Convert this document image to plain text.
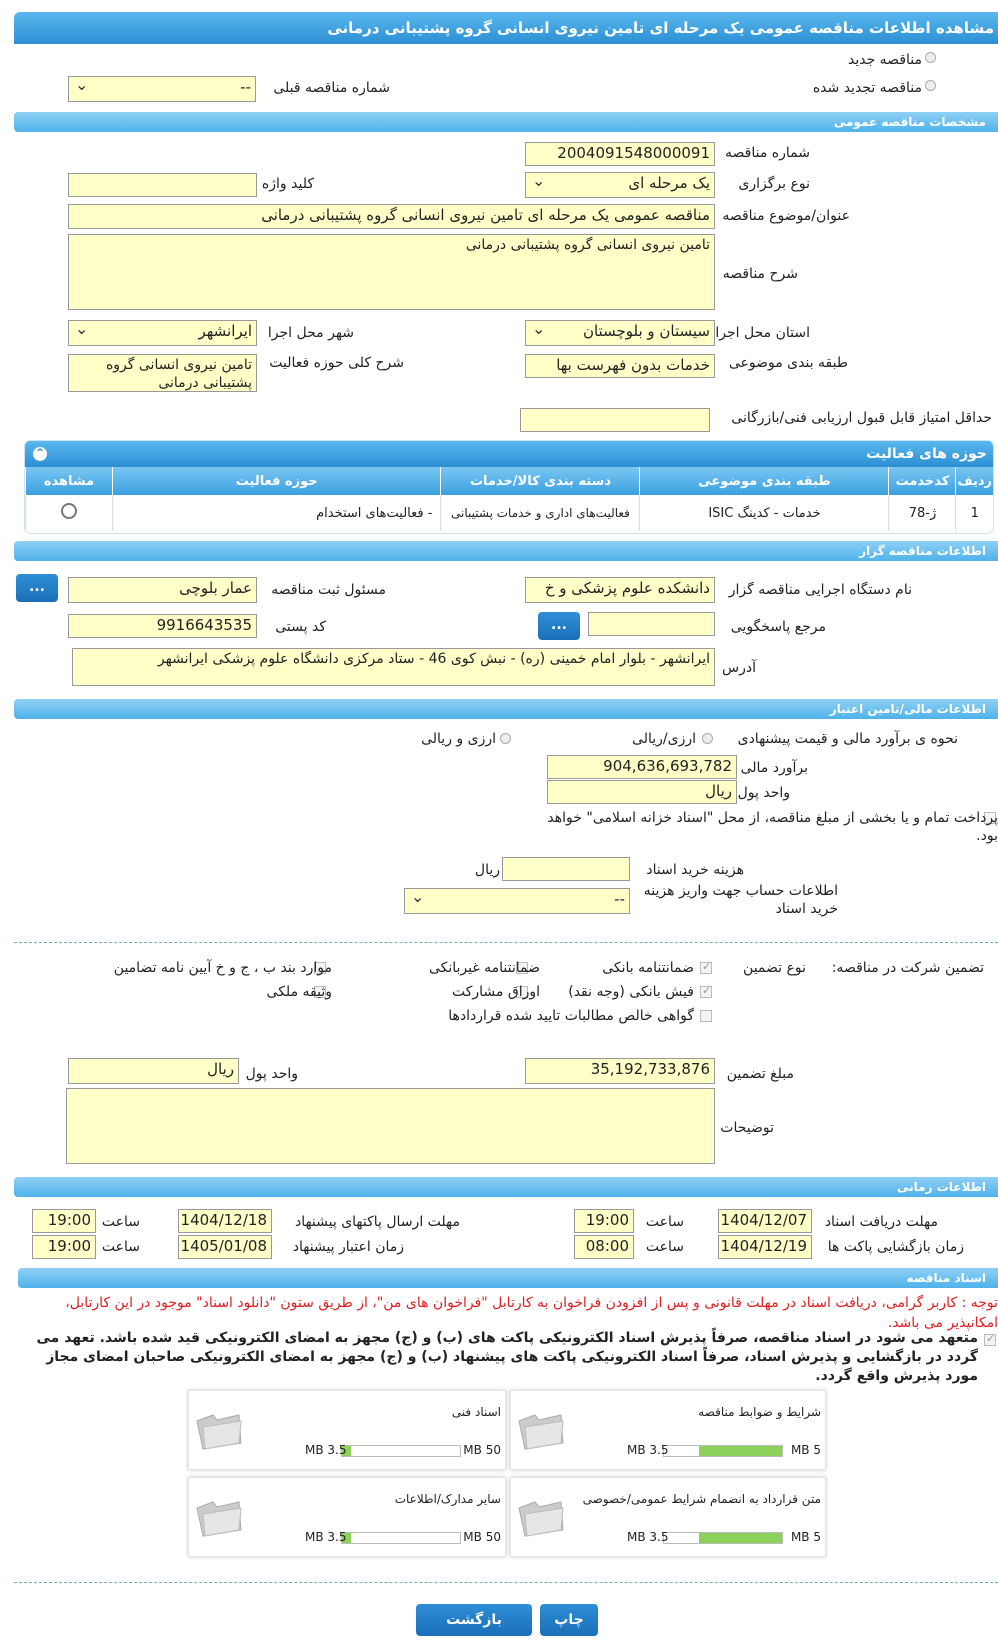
مشاهده اطلاعات مناقصه عمومی یک مرحله ای تامین نیروی انسانی گروه پشتیبانی درمانی
مناقصه جدید
مناقصه تجدید شده
شماره مناقصه قبلی
-- ⌄
مشخصات مناقصه عمومی
شماره مناقصه
2004091548000091
نوع برگزاری
یک مرحله ای ⌄
کلید واژه
عنوان/موضوع مناقصه
مناقصه عمومی یک مرحله ای تامین نیروی انسانی گروه پشتیبانی درمانی
شرح مناقصه
تامین نیروی انسانی گروه پشتیبانی درمانی
استان محل اجرا
سیستان و بلوچستان ⌄
شهر محل اجرا
ایرانشهر ⌄
طبقه بندی موضوعی
خدمات بدون فهرست بها
شرح کلی حوزه فعالیت
تامین نیروی انسانی گروه پشتیبانی درمانی
حداقل امتیاز قابل قبول ارزیابی فنی/بازرگانی
حوزه های فعالیت
⌃
ردیف	کدخدمت	طبقه بندی موضوعی	دسته بندی کالا/خدمات	حوزه فعالیت	مشاهده
1	ژ-78	خدمات - کدینگ ISIC	فعالیت‌های اداری و خدمات پشتیبانی	- فعالیت‌های استخدام	
اطلاعات مناقصه گزار
نام دستگاه اجرایی مناقصه گزار
دانشکده علوم پزشکی و خ
مسئول ثبت مناقصه
عمار بلوچی
...
مرجع پاسخگویی
...
کد پستی
9916643535
آدرس
ایرانشهر - بلوار امام خمینی (ره) - نبش کوی 46 - ستاد مرکزی دانشگاه علوم پزشکی ایرانشهر
اطلاعات مالی/تامین اعتبار
نحوه ی برآورد مالی و قیمت پیشنهادی
ارزی/ریالی
ارزی و ریالی
برآورد مالی
904,636,693,782
واحد پول
ریال
پرداخت تمام و یا بخشی از مبلغ مناقصه، از محل "اسناد خزانه اسلامی" خواهد بود.
هزینه خرید اسناد
ریال
اطلاعات حساب جهت واریز هزینه خرید اسناد
-- ⌄
تضمین شرکت در مناقصه:
نوع تضمین
✓
ضمانتنامه بانکی
ضمانتنامه غیربانکی
موارد بند ب ، ج و خ آیین نامه تضامین
✓
فیش بانکی (وجه نقد)
اوراق مشارکت
وثیقه ملکی
گواهی خالص مطالبات تایید شده قراردادها
مبلغ تضمین
35,192,733,876
واحد پول
ریال
توضیحات
اطلاعات زمانی
مهلت دریافت اسناد
1404/12/07
ساعت
19:00
مهلت ارسال پاکتهای پیشنهاد
1404/12/18
ساعت
19:00
زمان بازگشایی پاکت ها
1404/12/19
ساعت
08:00
زمان اعتبار پیشنهاد
1405/01/08
ساعت
19:00
اسناد مناقصه
توجه : کاربر گرامی، دریافت اسناد در مهلت قانونی و پس از افزودن فراخوان به کارتابل "فراخوان های من"، از طریق ستون "دانلود اسناد" موجود در این کارتابل، امکانپذیر می باشد.
✓
متعهد می شود در اسناد مناقصه، صرفاً پذیرش اسناد الکترونیکی پاکت های (ب) و (ج) مجهز به امضای الکترونیکی قید شده باشد. تعهد می گردد در بازگشایی و پذیرش اسناد، صرفاً اسناد الکترونیکی پاکت های پیشنهاد (ب) و (ج) مجهز به امضای الکترونیکی صاحبان امضای مجاز مورد پذیرش واقع گردد.
شرایط و ضوابط مناقصه
5 MB
3.5 MB
اسناد فنی
50 MB
3.5 MB
متن قرارداد به انضمام شرایط عمومی/خصوصی
5 MB
3.5 MB
سایر مدارک/اطلاعات
50 MB
3.5 MB
چاپ
بازگشت
